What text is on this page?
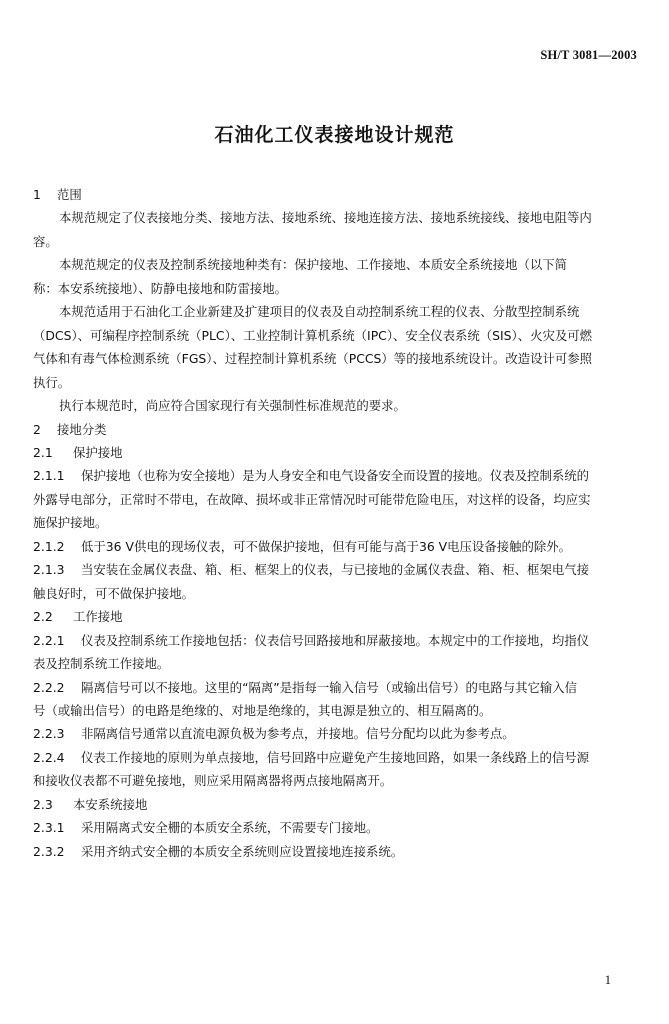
SH/T 3081—2003
石油化工仪表接地设计规范

1 范围

本规范规定了仪表接地分类、接地方法、接地系统、接地连接方法、接地系统接线、接地电阻等内

容。

本规范规定的仪表及控制系统接地种类有：保护接地、工作接地、本质安全系统接地（以下简

称：本安系统接地）、防静电接地和防雷接地。

本规范适用于石油化工企业新建及扩建项目的仪表及自动控制系统工程的仪表、分散型控制系统

（DCS）、可编程序控制系统（PLC）、工业控制计算机系统（IPC）、安全仪表系统（SIS）、火灾及可燃

气体和有毒气体检测系统（FGS）、过程控制计算机系统（PCCS）等的接地系统设计。改造设计可参照

执行。

执行本规范时，尚应符合国家现行有关强制性标准规范的要求。

2 接地分类

2.1 保护接地

2.1.1 保护接地（也称为安全接地）是为人身安全和电气设备安全而设置的接地。仪表及控制系统的

外露导电部分，正常时不带电，在故障、损坏或非正常情况时可能带危险电压，对这样的设备，均应实

施保护接地。

2.1.2 低于36 V供电的现场仪表，可不做保护接地，但有可能与高于36 V电压设备接触的除外。

2.1.3 当安装在金属仪表盘、箱、柜、框架上的仪表，与已接地的金属仪表盘、箱、柜、框架电气接

触良好时，可不做保护接地。

2.2 工作接地

2.2.1 仪表及控制系统工作接地包括：仪表信号回路接地和屏蔽接地。本规定中的工作接地，均指仪

表及控制系统工作接地。

2.2.2 隔离信号可以不接地。这里的“隔离”是指每一输入信号（或输出信号）的电路与其它输入信

号（或输出信号）的电路是绝缘的、对地是绝缘的，其电源是独立的、相互隔离的。

2.2.3 非隔离信号通常以直流电源负极为参考点，并接地。信号分配均以此为参考点。

2.2.4 仪表工作接地的原则为单点接地，信号回路中应避免产生接地回路，如果一条线路上的信号源

和接收仪表都不可避免接地，则应采用隔离器将两点接地隔离开。

2.3 本安系统接地

2.3.1 采用隔离式安全栅的本质安全系统，不需要专门接地。

2.3.2 采用齐纳式安全栅的本质安全系统则应设置接地连接系统。

1
